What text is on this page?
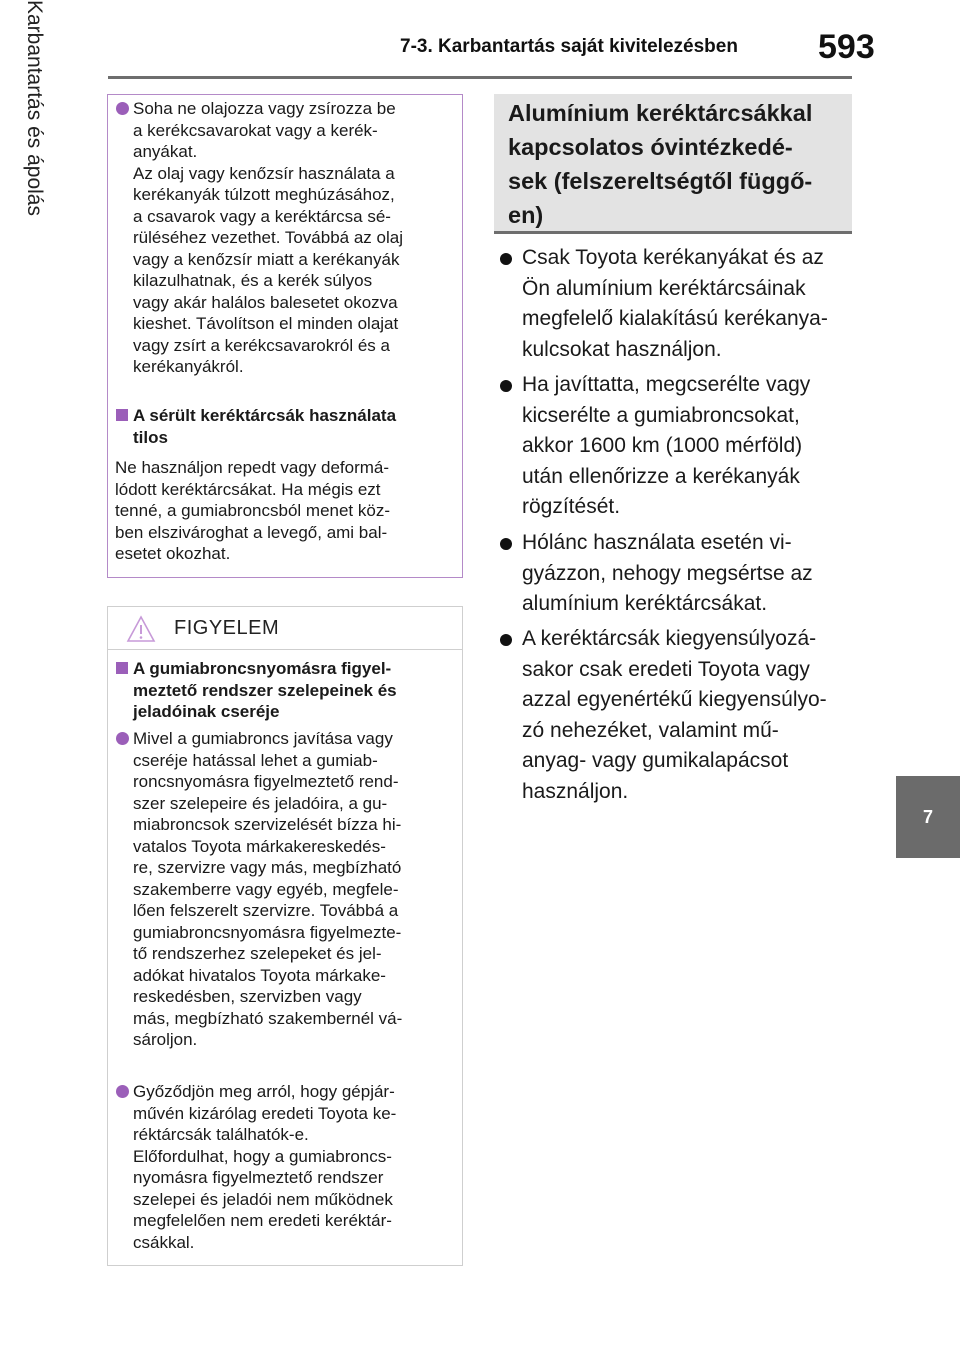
7-3. Karbantartás saját kivitelezésben 593
7
Karbantartás és ápolás	Soha ne olajozza vagy zsírozza be
a kerékcsavarokat vagy a kerék-
anyákat.
Az olaj vagy kenőzsír használata a
kerékanyák túlzott meghúzásához,
a csavarok vagy a keréktárcsa sé-
rüléséhez vezethet. Továbbá az olaj
vagy a kenőzsír miatt a kerékanyák
kilazulhatnak, és a kerék súlyos
vagy akár halálos balesetet okozva
kieshet. Távolítson el minden olajat
vagy zsírt a kerékcsavarokról és a
kerékanyákról.
A sérült keréktárcsák használata
tilos
Ne használjon repedt vagy deformá-
lódott keréktárcsákat. Ha mégis ezt
tenné, a gumiabroncsból menet köz-
ben elszivároghat a levegő, ami bal-
esetet okozhat.
FIGYELEM
A gumiabroncsnyomásra figyel-
meztető rendszer szelepeinek és
jeladóinak cseréje
Mivel a gumiabroncs javítása vagy
cseréje hatással lehet a gumiab-
roncsnyomásra figyelmeztető rend-
szer szelepeire és jeladóira, a gu-
miabroncsok szervizelését bízza hi-
vatalos Toyota márkakereskedés-
re, szervizre vagy más, megbízható
szakemberre vagy egyéb, megfele-
lően felszerelt szervizre. Továbbá a
gumiabroncsnyomásra figyelmezte-
tő rendszerhez szelepeket és jel-
adókat hivatalos Toyota márkake-
reskedésben, szervizben vagy
más, megbízható szakembernél vá-
sároljon.
Győződjön meg arról, hogy gépjár-
művén kizárólag eredeti Toyota ke-
réktárcsák találhatók-e.
Előfordulhat, hogy a gumiabroncs-
nyomásra figyelmeztető rendszer
szelepei és jeladói nem működnek
megfelelően nem eredeti keréktár-
csákkal.
Alumínium keréktárcsákkal
kapcsolatos óvintézkedé-
sek (felszereltségtől függő-
en)
Csak Toyota kerékanyákat és az
Ön alumínium keréktárcsáinak
megfelelő kialakítású kerékanya-
kulcsokat használjon.
Ha javíttatta, megcserélte vagy
kicserélte a gumiabroncsokat,
akkor 1600 km (1000 mérföld)
után ellenőrizze a kerékanyák
rögzítését.
Hólánc használata esetén vi-
gyázzon, nehogy megsértse az
alumínium keréktárcsákat.
A keréktárcsák kiegyensúlyozá-
sakor csak eredeti Toyota vagy
azzal egyenértékű kiegyensúlyo-
zó nehezéket, valamint mű-
anyag- vagy gumikalapácsot
használjon.
